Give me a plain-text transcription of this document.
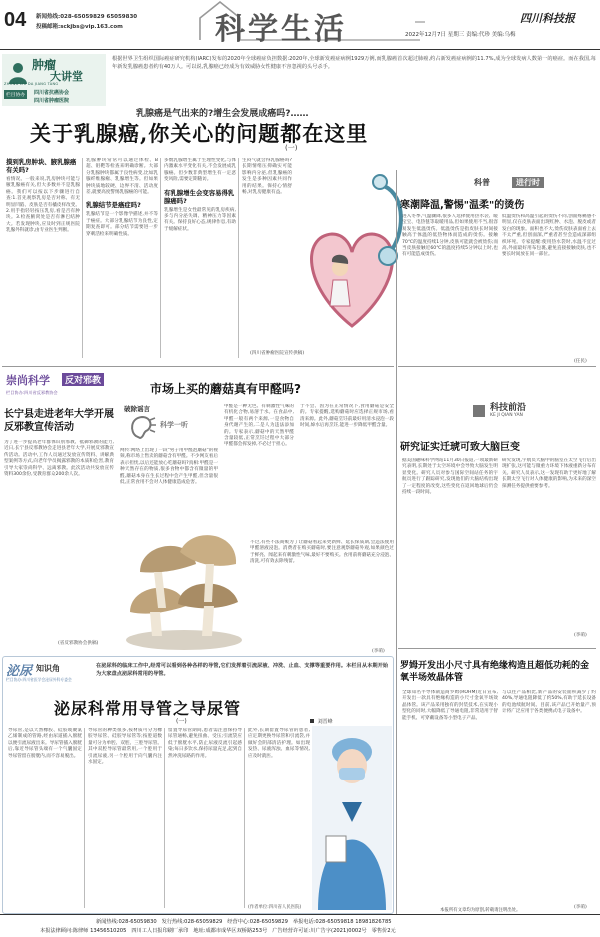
04 新闻热线:028-65059829 65059830
投稿邮箱:sckjbs@vip.163.com	科学生活	四川科技报
2022年12月7日 星期三 责编:代珍 美编:乌梅
肿瘤
大讲堂
ZHONG LIU DA JIANG TANG
栏目协办	四川省抗癌协会
四川省肿瘤医院
根据世界卫生组织国际癌症研究机构(IARC)发布的2020年全球癌症负担数据:2020年,全球新发癌症病例1929万例,而乳腺癌首次超过肺癌,约占新发癌症病例的11.7%,成为全球发病人数第一的癌症。而在我国,每年新发乳腺癌患者约有40万人。可以说,乳腺癌已经成为有效威胁女性健康不容忽视的头号杀手。
乳腺癌是气出来的?增生会发展成癌吗?……
关于乳腺癌,你关心的问题都在这里
(一)
摸到乳房肿块、腋乳腺癌有关吗?
看情况。一般来说,乳房肿块可能与腋乳腺癌有关,但大多数并不是乳腺癌。我们可以按以下步骤进行自查:1.首先观察乳房是否对称、有无明显凹陷、皮肤是否有橘皮样改变。2.用手指轻轻按压乳房,看是否有肿块。3.检查腋窝处是否有淋巴结肿大。若发现肿块,应及时到正规医院乳腺外科就诊,由专业医生判断。
乳腺肿块常常可以通过体检、B超、钼靶等检查来明确诊断。大部分乳腺肿块都属于良性病变,比如乳腺纤维腺瘤、乳腺增生等。但如果肿块质地较硬、边界不清、活动度差,就要高度警惕乳腺癌的可能。
乳腺结节是癌症吗?
乳腺结节是一个影像学描述,并不等于癌症。大部分乳腺结节为良性,定期复查即可。部分结节需要进一步穿刺活检来明确性质。
多数乳腺增生属于生理性变化,与体内激素水平变化有关,不会发展成乳腺癌。但少数非典型增生有一定恶变风险,需要定期随访。
有乳腺增生会变容易得乳腺癌吗?
乳腺增生是女性最常见的乳房疾病,多与内分泌失调、精神压力等因素有关。保持良好心态,规律作息,有助于缓解症状。
生闷气就会得乳腺癌吗?长期情绪压抑确实可能影响内分泌,但乳腺癌的发生是多种因素共同作用的结果。保持心情舒畅,对乳房健康有益。
(四川省肿瘤医院宣传供稿)
科普	进行时
寒潮降温,警惕"温柔"的烫伤
进入冬季,气温骤降,很多人选择使用热水袋、暖宝宝、电热毯等取暖用品,但如果使用不当,很容易发生低温烫伤。低温烫伤是指皮肤长时间接触高于体温的低热物体而造成的烫伤。接触70℃的温度持续1分钟,皮肤可能就会被烫伤;而当皮肤接触近60℃的温度持续5分钟以上时,也有可能造成烫伤。
低温烫伤和高温引起的烫伤不同,创面疼痛感不明显,仅在皮肤表面出现红肿、水泡、脱皮或者发白的现象。面积也不大,烫伤皮肤表面看上去不太严重,但创面深,严重者甚至会造成深部组织坏死。专家提醒:使用热水袋时,水温不宜过高,外面最好用布包裹,避免直接接触皮肤,也不要长时间放在同一部位。
(任民)
崇尚科学	反对邪教
栏目协办:四川省反邪教协会	市场上买的蘑菇真有甲醛吗?
破除谣言
科学一听
网传:网络上出现了一段"男子用甲醛泡蘑菇"的视频,称市场上售卖的蘑菇含有甲醛。不少网友看后表示担忧,以后还能放心吃蘑菇吗?真相:甲醛是一种天然存在的物质,很多食物中都含有微量的甲醛,蘑菇本身在生长过程中会产生甲醛,但含量很低,正常食用不会对人体健康造成危害。
甲醛是一种无色、有刺激性气味的有机化合物,易溶于水。在食品中,甲醛一般有两个来源,一是食物自身代谢产生的,二是人为违法添加的。专家表示,蘑菇中的天然甲醛含量较低,正常烹饪过程中大部分甲醛都会挥发掉,不必过于担心。
不过,有些不法商贩为了让蘑菇看起来更新鲜、延长保质期,会违法使用甲醛溶液浸泡。消费者在购买蘑菇时,要注意观察蘑菇外观,如果颜色过于鲜亮、闻起来有刺激性气味,最好不要购买。食用前将蘑菇充分浸泡、清洗,可有效去除残留。
于不会、因为在正常情况下,食用蘑菇是安全的。专家提醒,选购蘑菇时应选择正规市场,看清来源。此外,蘑菇烹饪前最好用清水浸泡一段时间,焯水后再烹饪,能进一步降低甲醛含量。
(李萌)
长宁县走进老年大学开展反邪教宣传活动
为了进一步提高老年群体识别邪教、抵御邪教的能力,近日,长宁县反邪教协会走进县老年大学,开展反邪教宣传活动。活动中,工作人员通过发放宣传资料、讲解典型案例等方式,向老年学员揭露邪教的本质和危害,教育引导大家崇尚科学、远离邪教。此次活动共发放宣传资料300余份,受教育群众200余人次。
(省反邪教协会供稿)
科技前沿
KE JI QIAN YAN
研究证实迁琥可致大脑巨变
据美国趣味科学网站11月30日报道,一项最新研究表明,长期处于太空环境中会导致大脑发生明显变化。研究人员对参与国际空间站任务的宇航员进行了跟踪研究,发现他们的大脑结构出现了一定程度的改变,这些变化在返回地球后仍会持续一段时间。
研究发现,宇航员大脑中的脑室在太空飞行后出现扩张,这可能与微重力环境下体液重新分布有关。研究人员表示,这一发现有助于更好地了解长期太空飞行对人体健康的影响,为未来的深空探测任务提供重要参考。
(李萌)
泌尿 知识角
栏目协办:四川省医学会泌尿外科专委会
在泌尿科的临床工作中,经常可以看到各种各样的导管,它们发挥着引流尿液、冲洗、止血、支撑等重要作用。本栏目从本期开始为大家盘点泌尿科常用的导管。
泌尿科常用导管之导尿管
(一)	刘晋峰
导尿管,是以天然橡胶、硅胶或聚氯乙烯制成的管路,经由尿道插入膀胱以便引流尿液出来。导尿管插入膀胱后,靠近导尿管头端有一个气囊固定导尿管留在膀胱内,而不容易脱出。
导尿管的种类很多,按材质可分为橡胶导尿管、硅胶导尿管等;按腔道数量可分为单腔、双腔、三腔导尿管。其中双腔导尿管最常用,一个腔用于引流尿液,另一个腔用于向气囊内注水固定。
留置导尿管期间,患者需注意保持导尿管通畅,避免扭曲、受压;引流袋应低于膀胱水平,防止尿液反流引起感染;每日多饮水,保持尿量充足,起到自然冲洗尿路的作用。
此外,长期留置导尿管的患者,应定期更换导尿管和引流袋,并做好会阴部清洁护理。如出现发热、尿液浑浊、血尿等情况,应及时就医。
(作者单位:四川省人民医院)
罗姆开发出小尺寸具有绝缘构造且超低功耗的金氧半场效晶体管
全球知名半导体制造商罗姆(ROHM)近日宣布,开发出一款具有绝缘构造的小尺寸金氧半场效晶体管。该产品采用独有的封装技术,在实现小型化的同时,大幅降低了导通电阻,非常适用于智能手机、可穿戴设备等小型电子产品。
与以往产品相比,新产品的安装面积减少了约40%,导通电阻降低了约50%,有助于延长设备的电池续航时间。目前,该产品已开始量产,预计将广泛应用于各类便携式电子设备中。
(李萌)
本报所有文章均为原创,转载请注明出处。
新闻热线:028-65059830 发行热线:028-65059829 经营中心:028-65059829 举报电话:028-65059818 18981826785
本报法律顾问:陈律师 13456510205 四川工人日报印刷厂承印 地址:成都市成华区双桥路253号 广告经营许可证:川广告字(2021)0002号 零售价2元
